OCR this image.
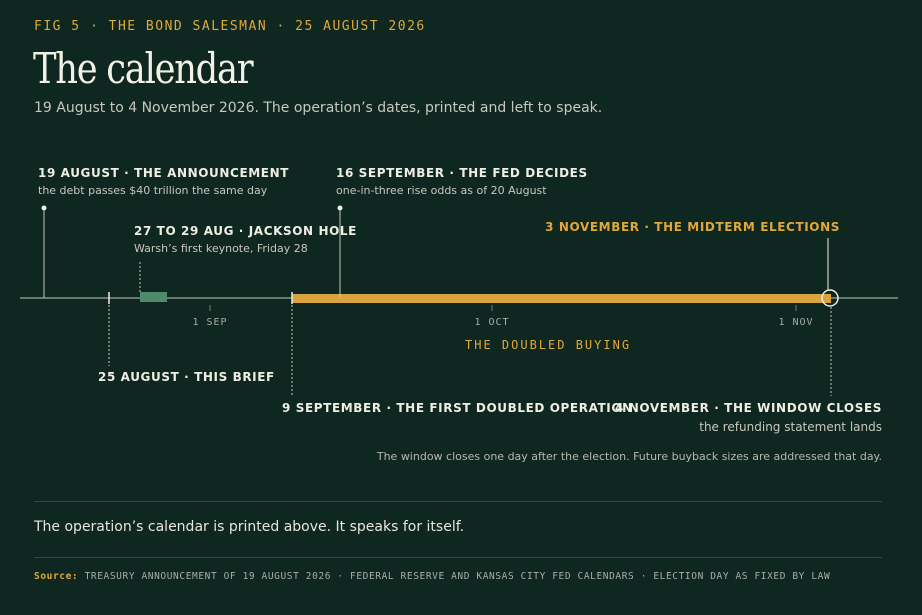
FIG 5 · THE BOND SALESMAN · 25 AUGUST 2026
The calendar
19 August to 4 November 2026. The operation’s dates, printed and left to speak.
1 SEP	1 OCT	1 NOV
19 AUGUST · THE ANNOUNCEMENT
the debt passes $40 trillion the same day
27 TO 29 AUG · JACKSON HOLE
Warsh’s first keynote, Friday 28
16 SEPTEMBER · THE FED DECIDES
one-in-three rise odds as of 20 August
3 NOVEMBER · THE MIDTERM ELECTIONS
25 AUGUST · THIS BRIEF
9 SEPTEMBER · THE FIRST DOUBLED OPERATION
4 NOVEMBER · THE WINDOW CLOSES
the refunding statement lands
THE DOUBLED BUYING
The window closes one day after the election. Future buyback sizes are addressed that day.
The operation’s calendar is printed above. It speaks for itself.
Source: TREASURY ANNOUNCEMENT OF 19 AUGUST 2026 · FEDERAL RESERVE AND KANSAS CITY FED CALENDARS · ELECTION DAY AS FIXED BY LAW
